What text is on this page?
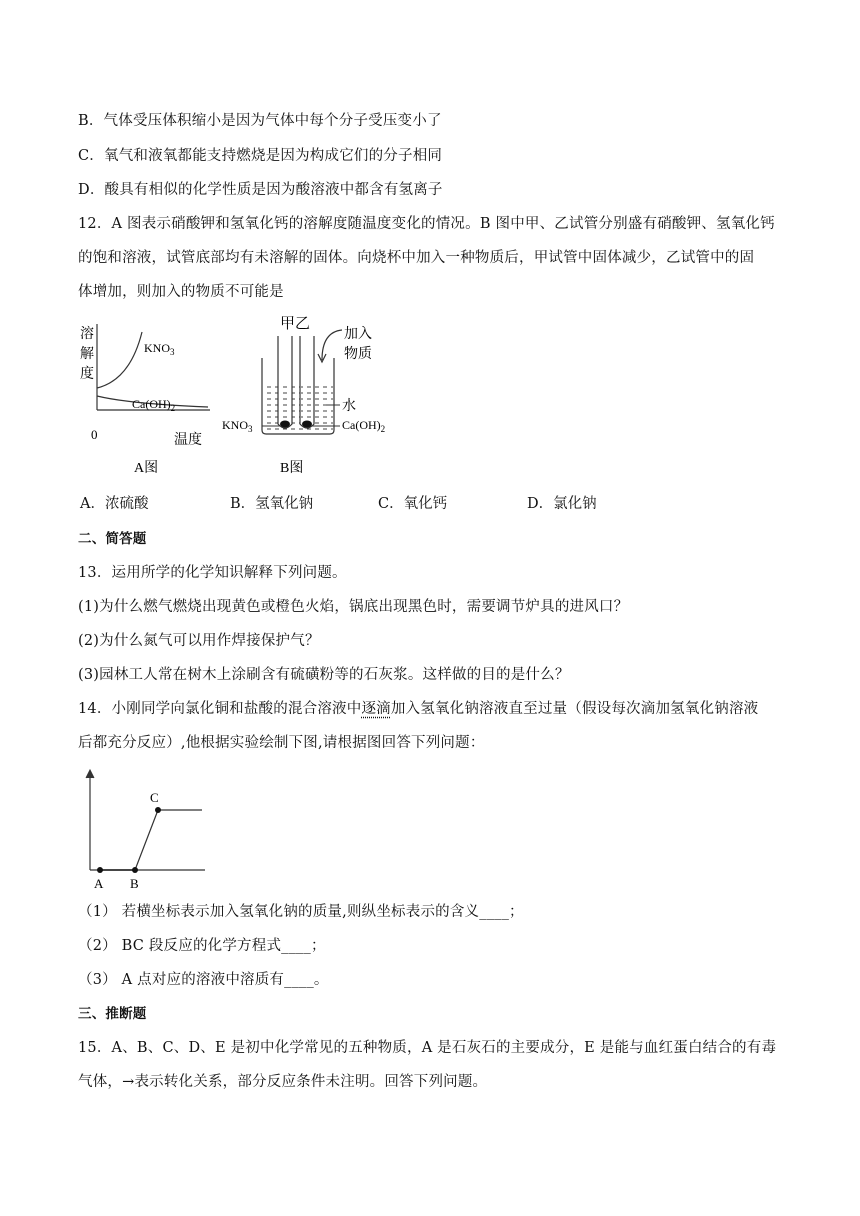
B．气体受压体积缩小是因为气体中每个分子受压变小了
C．氧气和液氧都能支持燃烧是因为构成它们的分子相同
D．酸具有相似的化学性质是因为酸溶液中都含有氢离子
12．A 图表示硝酸钾和氢氧化钙的溶解度随温度变化的情况。B 图中甲、乙试管分别盛有硝酸钾、氢氧化钙
的饱和溶液，试管底部均有未溶解的固体。向烧杯中加入一种物质后，甲试管中固体减少，乙试管中的固
体增加，则加入的物质不可能是
溶
解
度
0	温度
$KNO_3$
$Ca(OH)_2$
A图
甲乙
加入
物质
水
$KNO_3$	$Ca(OH)_2$
B图
A．浓硫酸	B．氢氧化钠	C．氧化钙	D．氯化钠
二、简答题
13．运用所学的化学知识解释下列问题。
(1)为什么燃气燃烧出现黄色或橙色火焰，锅底出现黑色时，需要调节炉具的进风口？
(2)为什么氮气可以用作焊接保护气？
(3)园林工人常在树木上涂刷含有硫磺粉等的石灰浆。这样做的目的是什么？
14．小刚同学向氯化铜和盐酸的混合溶液中逐滴加入氢氧化钠溶液直至过量（假设每次滴加氢氧化钠溶液
后都充分反应）,他根据实验绘制下图,请根据图回答下列问题：
A B
C
（1） 若横坐标表示加入氢氧化钠的质量,则纵坐标表示的含义____；
（2） BC 段反应的化学方程式____；
（3） A 点对应的溶液中溶质有____。
三、推断题
15．A、B、C、D、E 是初中化学常见的五种物质，A 是石灰石的主要成分，E 是能与血红蛋白结合的有毒
气体，→表示转化关系，部分反应条件未注明。回答下列问题。
